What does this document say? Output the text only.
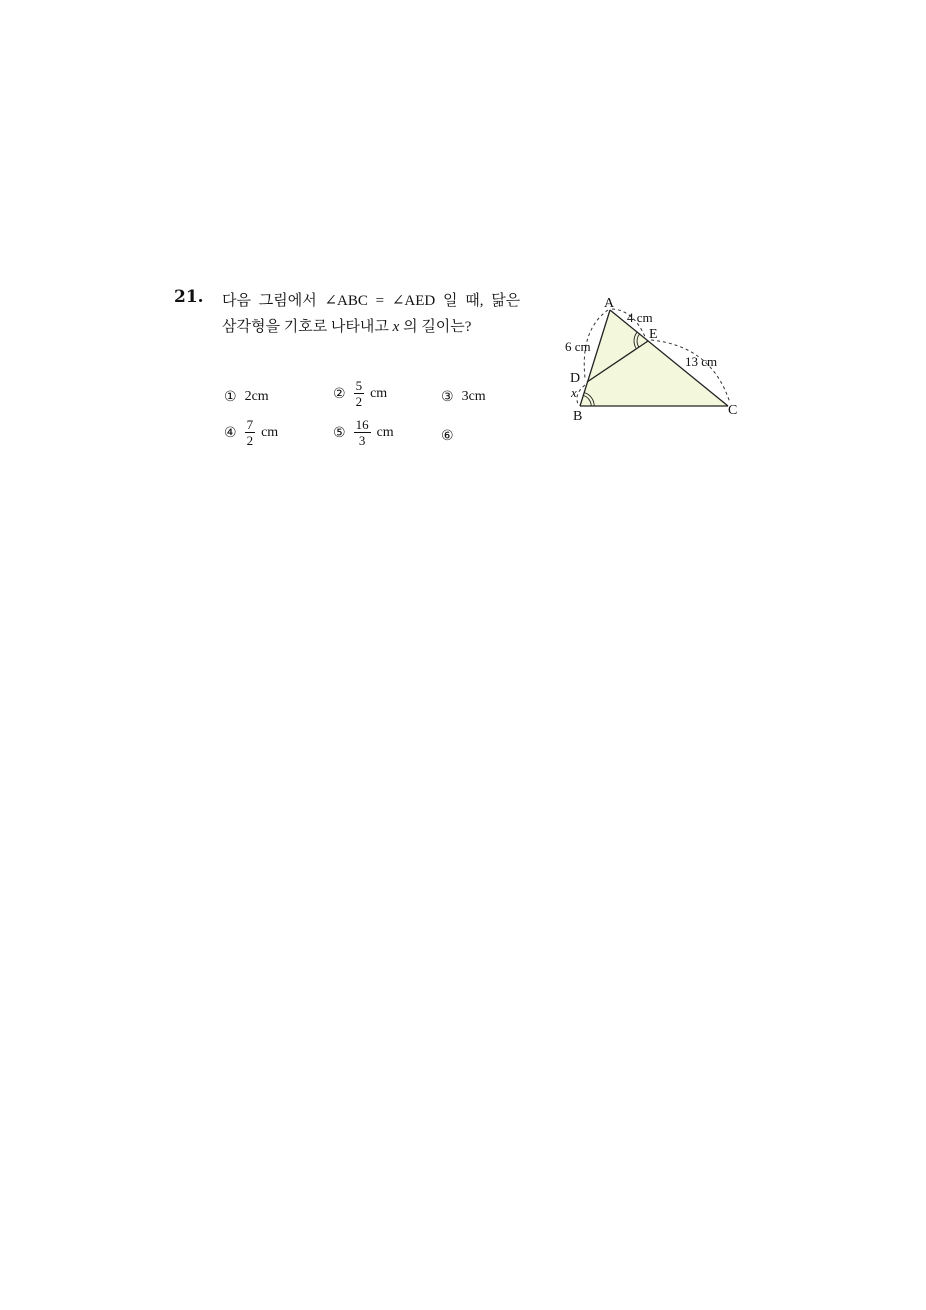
21. 다음 그림에서 ∠ABC = ∠AED 일 때, 닮은
삼각형을 기호로 나타내고 x 의 길이는?
① 2cm	② $\frac{5}{2}$ cm	③ 3cm
④ $\frac{7}{2}$ cm	⑤ $\frac{16}{3}$ cm	⑥
A
E
D
B	C
4 cm
6 cm
13 cm
x
